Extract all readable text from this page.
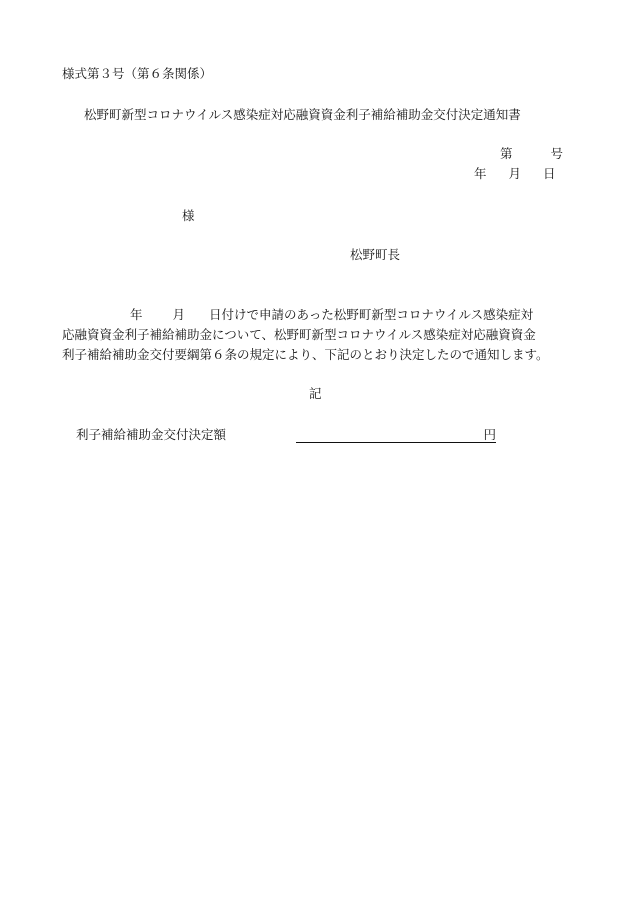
様式第３号（第６条関係）
松野町新型コロナウイルス感染症対応融資資金利子補給補助金交付決定通知書
第	号
年 月 日
様
松野町長
年 月 日付けで申請のあった松野町新型コロナウイルス感染症対
応融資資金利子補給補助金について、松野町新型コロナウイルス感染症対応融資資金
利子補給補助金交付要綱第６条の規定により、下記のとおり決定したので通知します。
記
利子補給補助金交付決定額	円
